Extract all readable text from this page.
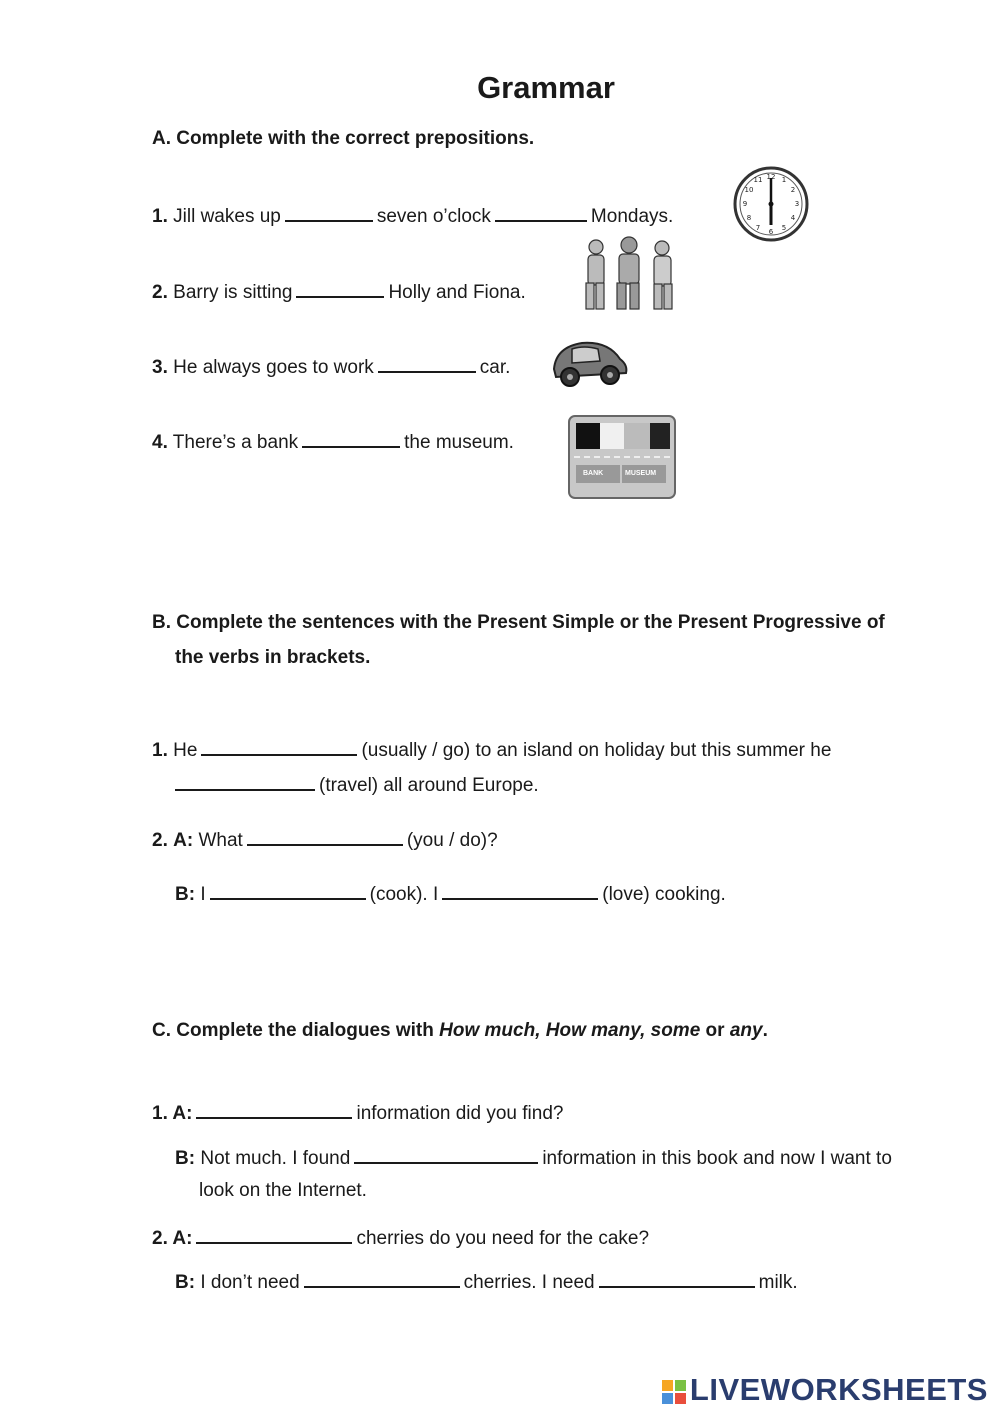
Grammar
A. Complete with the correct prepositions.
1. Jill wakes up	seven o’clock	Mondays.
2. Barry is sitting	Holly and Fiona.
3. He always goes to work	car.
4. There’s a bank	the museum.
12 1
2
3
4
5
6
7
8
9
10
11
BANK	MUSEUM
B. Complete the sentences with the Present Simple or the Present Progressive of
the verbs in brackets.
1. He	(usually / go) to an island on holiday but this summer he
(travel) all around Europe.
2. A: What	(you / do)?
B: I	(cook). I	(love) cooking.
C. Complete the dialogues with How much, How many, some or any.
1. A:	information did you find?
B: Not much. I found	information in this book and now I want to
look on the Internet.
2. A:	cherries do you need for the cake?
B: I don’t need	cherries. I need	milk.
LIVEWORKSHEETS
